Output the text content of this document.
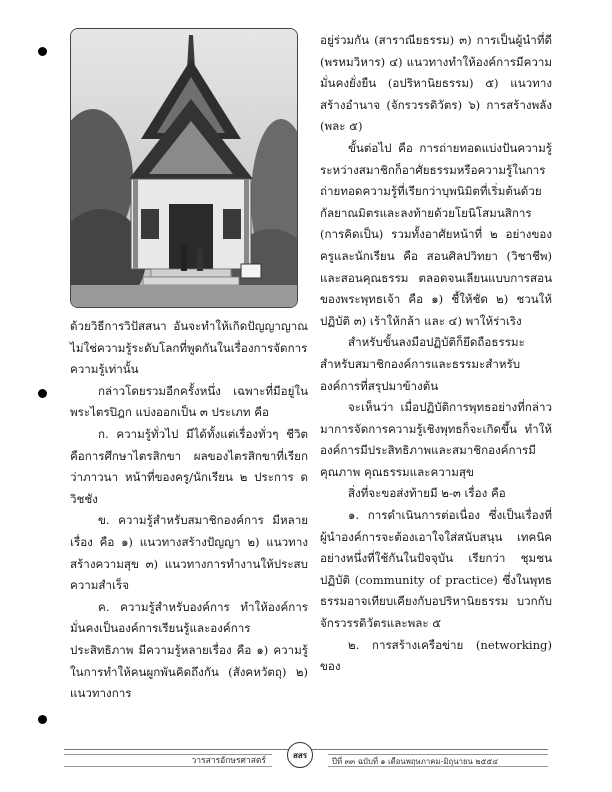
ด้วยวิธีการวิปัสสนา อันจะทำให้เกิดปัญญาญาณ ไม่ใช่ความรู้ระดับโลกที่พูดกันในเรื่องการจัดการความรู้เท่านั้น

กล่าวโดยรวมอีกครั้งหนึ่ง เฉพาะที่มีอยู่ในพระไตรปิฎก แบ่งออกเป็น ๓ ประเภท คือ

ก. ความรู้ทั่วไป มีได้ทั้งแต่เรื่องทั่วๆ ชีวิต คือการศึกษาไตรสิกขา ผลของไตรสิกขาที่เรียกว่าภาวนา หน้าที่ของครู/นักเรียน ๒ ประการ ดวิชชัง

ข. ความรู้สำหรับสมาชิกองค์การ มีหลายเรื่อง คือ ๑) แนวทางสร้างปัญญา ๒) แนวทางสร้างความสุข ๓) แนวทางการทำงานให้ประสบความสำเร็จ

ค. ความรู้สำหรับองค์การ ทำให้องค์การมั่นคงเป็นองค์การเรียนรู้และองค์การประสิทธิภาพ มีความรู้หลายเรื่อง คือ ๑) ความรู้ในการทำให้คนผูกพันคิดถึงกัน (สังคหวัตถุ) ๒) แนวทางการ

อยู่ร่วมกัน (สาราณียธรรม) ๓) การเป็นผู้นำที่ดี (พรหมวิหาร) ๔) แนวทางทำให้องค์การมีความมั่นคงยั่งยืน (อปริหานิยธรรม) ๕) แนวทางสร้างอำนาจ (จักรวรรดิวัตร) ๖) การสร้างพลัง (พละ ๕)

ขั้นต่อไป คือ การถ่ายทอดแบ่งปันความรู้ระหว่างสมาชิกก็อาศัยธรรมหรือความรู้ในการถ่ายทอดความรู้ที่เรียกว่าบุพนิมิตที่เริ่มต้นด้วยกัลยาณมิตรและลงท้ายด้วยโยนิโสมนสิการ (การคิดเป็น) รวมทั้งอาศัยหน้าที่ ๒ อย่างของครูและนักเรียน คือ สอนศิลปวิทยา (วิชาชีพ) และสอนคุณธรรม ตลอดจนเลียนแบบการสอนของพระพุทธเจ้า คือ ๑) ชี้ให้ชัด ๒) ชวนให้ปฏิบัติ ๓) เร้าให้กล้า และ ๔) พาให้ร่าเริง

สำหรับขั้นลงมือปฏิบัติก็ยึดถือธรรมะสำหรับสมาชิกองค์การและธรรมะสำหรับองค์การที่สรุปมาข้างต้น

จะเห็นว่า เมื่อปฏิบัติการพุทธอย่างที่กล่าวมาการจัดการความรู้เชิงพุทธก็จะเกิดขึ้น ทำให้องค์การมีประสิทธิภาพและสมาชิกองค์การมีคุณภาพ คุณธรรมและความสุข

สิ่งที่จะขอส่งท้ายมี ๒-๓ เรื่อง คือ

๑. การดำเนินการต่อเนื่อง ซึ่งเป็นเรื่องที่ผู้นำองค์การจะต้องเอาใจใส่สนับสนุน เทคนิคอย่างหนึ่งที่ใช้กันในปัจจุบัน เรียกว่า ชุมชนปฏิบัติ (community of practice) ซึ่งในพุทธธรรมอาจเทียบเคียงกับอปริหานิยธรรม บวกกับจักรวรรดิวัตรและพละ ๕

๒. การสร้างเครือข่าย (networking) ของ

วารสารอักษรศาสตร์
สสร
ปีที่ ๓๓ ฉบับที่ ๑ เดือนพฤษภาคม-มิถุนายน ๒๕๕๔
